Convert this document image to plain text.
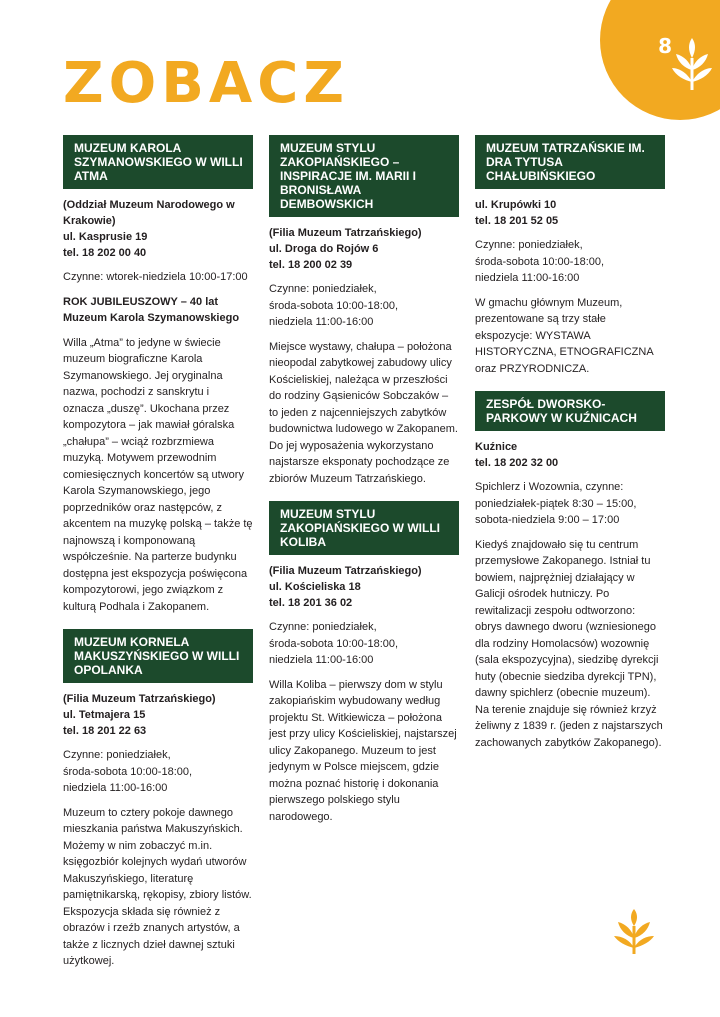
8
ZOBACZ
MUZEUM KAROLA SZYMANOWSKIEGO W WILLI ATMA
(Oddział Muzeum Narodowego w Krakowie)
ul. Kasprusie 19
tel. 18 202 00 40
Czynne: wtorek-niedziela 10:00-17:00
ROK JUBILEUSZOWY – 40 lat Muzeum Karola Szymanowskiego
Willa „Atma” to jedyne w świecie muzeum biograficzne Karola Szymanowskiego. Jej oryginalna nazwa, pochodzi z sanskrytu i oznacza „duszę”. Ukochana przez kompozytora – jak mawiał góralska „chałupa” – wciąż rozbrzmiewa muzyką. Motywem przewodnim comiesięcznych koncertów są utwory Karola Szymanowskiego, jego poprzedników oraz następców, z akcentem na muzykę polską – także tę najnowszą i komponowaną współcześnie. Na parterze budynku dostępna jest ekspozycja poświęcona kompozytorowi, jego związkom z kulturą Podhala i Zakopanem.
MUZEUM KORNELA MAKUSZYŃSKIEGO W WILLI OPOLANKA
(Filia Muzeum Tatrzańskiego)
ul. Tetmajera 15
tel. 18 201 22 63
Czynne: poniedziałek,
środa-sobota 10:00-18:00,
niedziela 11:00-16:00
Muzeum to cztery pokoje dawnego mieszkania państwa Makuszyńskich. Możemy w nim zobaczyć m.in. księgozbiór kolejnych wydań utworów Makuszyńskiego, literaturę pamiętnikarską, rękopisy, zbiory listów. Ekspozycja składa się również z obrazów i rzeźb znanych artystów, a także z licznych dzieł dawnej sztuki użytkowej.
MUZEUM STYLU ZAKOPIAŃSKIEGO – INSPIRACJE IM. MARII I BRONISŁAWA DEMBOWSKICH
(Filia Muzeum Tatrzańskiego)
ul. Droga do Rojów 6
tel. 18 200 02 39
Czynne: poniedziałek,
środa-sobota 10:00-18:00,
niedziela 11:00-16:00
Miejsce wystawy, chałupa – położona nieopodal zabytkowej zabudowy ulicy Kościeliskiej, należąca w przeszłości do rodziny Gąsieniców Sobczaków – to jeden z najcenniejszych zabytków budownictwa ludowego w Zakopanem. Do jej wyposażenia wykorzystano najstarsze eksponaty pochodzące ze zbiorów Muzeum Tatrzańskiego.
MUZEUM STYLU ZAKOPIAŃSKIEGO W WILLI KOLIBA
(Filia Muzeum Tatrzańskiego)
ul. Kościeliska 18
tel. 18 201 36 02
Czynne: poniedziałek,
środa-sobota 10:00-18:00,
niedziela 11:00-16:00
Willa Koliba – pierwszy dom w stylu zakopiańskim wybudowany według projektu St. Witkiewicza – położona jest przy ulicy Kościeliskiej, najstarszej ulicy Zakopanego. Muzeum to jest jedynym w Polsce miejscem, gdzie można poznać historię i dokonania pierwszego polskiego stylu narodowego.
MUZEUM TATRZAŃSKIE IM. DRA TYTUSA CHAŁUBIŃSKIEGO
ul. Krupówki 10
tel. 18 201 52 05
Czynne: poniedziałek,
środa-sobota 10:00-18:00,
niedziela 11:00-16:00
W gmachu głównym Muzeum, prezentowane są trzy stałe ekspozycje: WYSTAWA HISTORYCZNA, ETNOGRAFICZNA oraz PRZYRODNICZA.
ZESPÓŁ DWORSKO-PARKOWY W KUŹNICACH
Kuźnice
tel. 18 202 32 00
Spichlerz i Wozownia, czynne:
poniedziałek-piątek 8:30 – 15:00,
sobota-niedziela 9:00 – 17:00
Kiedyś znajdowało się tu centrum przemysłowe Zakopanego. Istniał tu bowiem, najprężniej działający w Galicji ośrodek hutniczy. Po rewitalizacji zespołu odtworzono: obrys dawnego dworu (wzniesionego dla rodziny Homolacsów) wozownię (sala ekspozycyjna), siedzibę dyrekcji huty (obecnie siedziba dyrekcji TPN), dawny spichlerz (obecnie muzeum). Na terenie znajduje się również krzyż żeliwny z 1839 r. (jeden z najstarszych zachowanych zabytków Zakopanego).
